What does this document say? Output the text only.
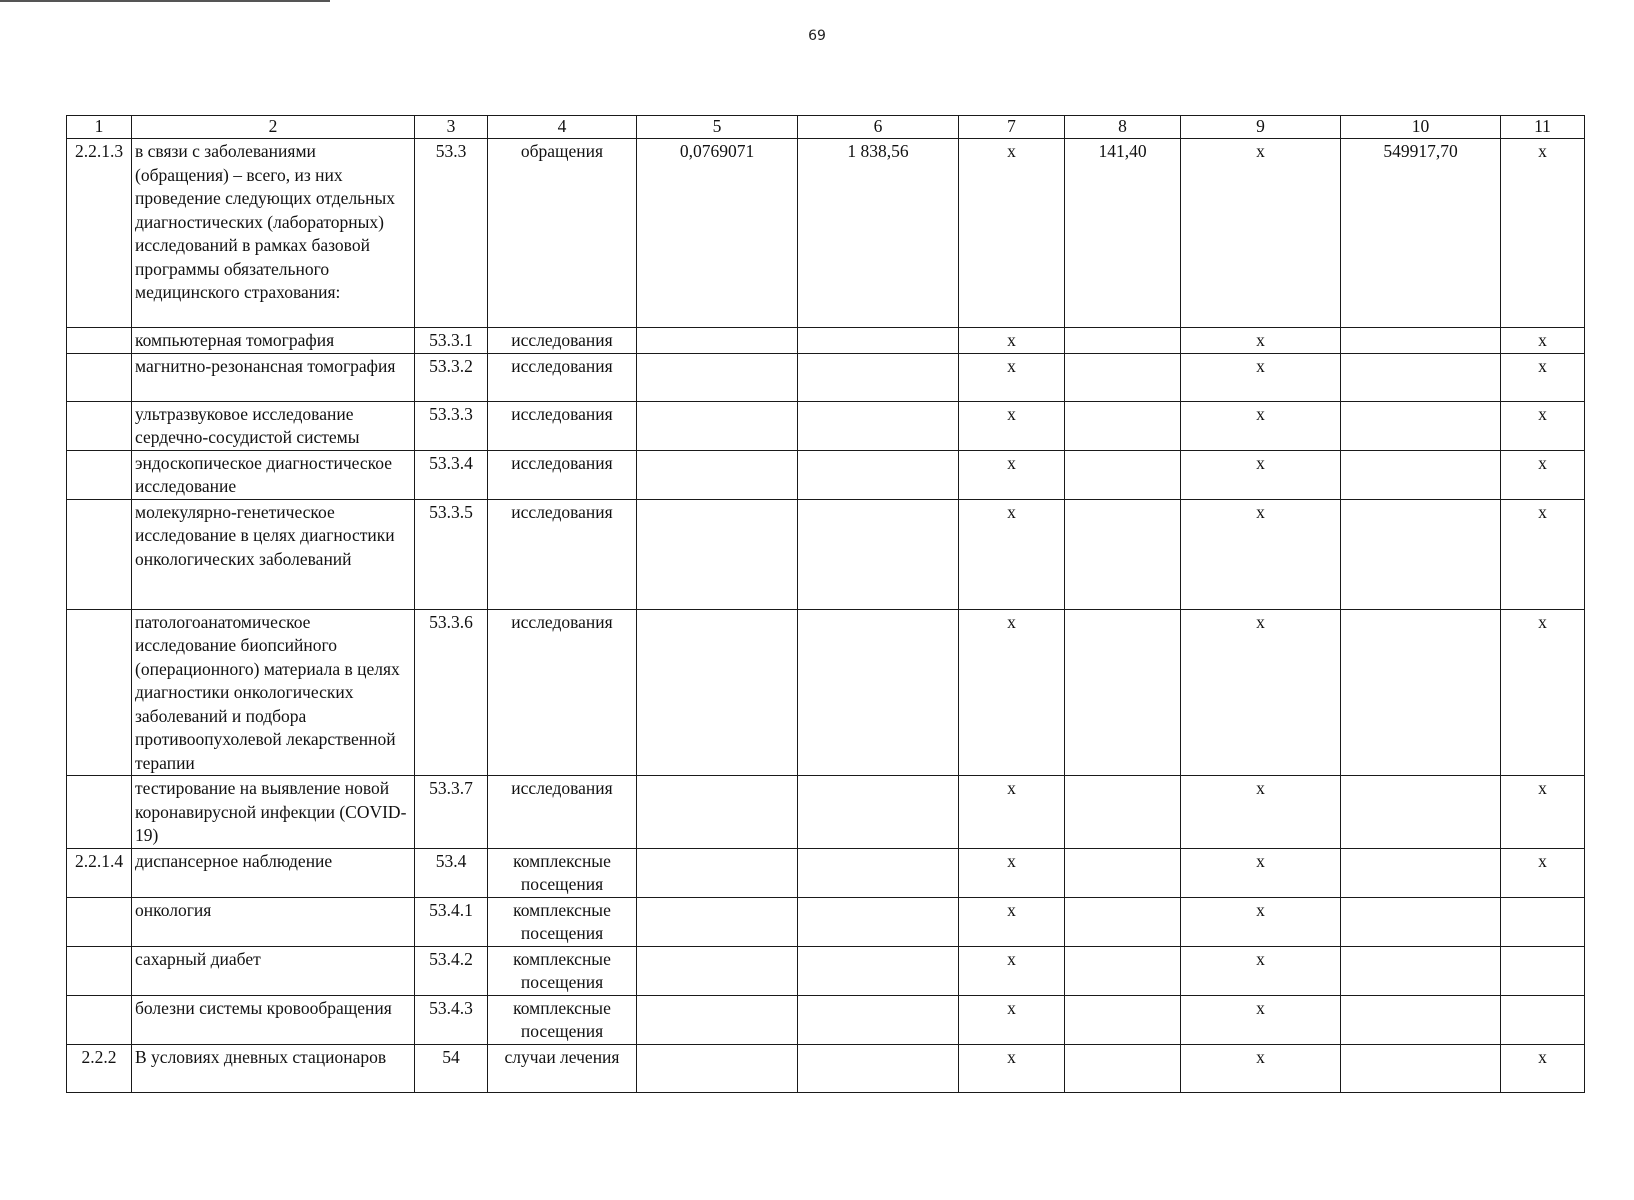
69
1	2	3	4	5	6	7	8	9	10	11
2.2.1.3	в связи с заболеваниями (обращения) – всего, из них проведение следующих отдельных диагностических (лабораторных) исследований в рамках базовой программы обязательного медицинского страхования:	53.3	обращения	0,0769071	1 838,56	х	141,40	х	549917,70	х
	компьютерная томография	53.3.1	исследования			х		х		х
	магнитно-резонансная томография	53.3.2	исследования			х		х		х
	ультразвуковое исследование сердечно-сосудистой системы	53.3.3	исследования			х		х		х
	эндоскопическое диагностическое исследование	53.3.4	исследования			х		х		х
	молекулярно-генетическое исследование в целях диагностики онкологических заболеваний	53.3.5	исследования			х		х		х
	патологоанатомическое исследование биопсийного (операционного) материала в целях диагностики онкологических заболеваний и подбора противоопухолевой лекарственной терапии	53.3.6	исследования			х		х		х
	тестирование на выявление новой коронавирусной инфекции (COVID-19)	53.3.7	исследования			х		х		х
2.2.1.4	диспансерное наблюдение	53.4	комплексные посещения			х		х		х
	онкология	53.4.1	комплексные посещения			х		х		
	сахарный диабет	53.4.2	комплексные посещения			х		х		
	болезни системы кровообращения	53.4.3	комплексные посещения			х		х		
2.2.2	В условиях дневных стационаров	54	случаи лечения			х		х		х
